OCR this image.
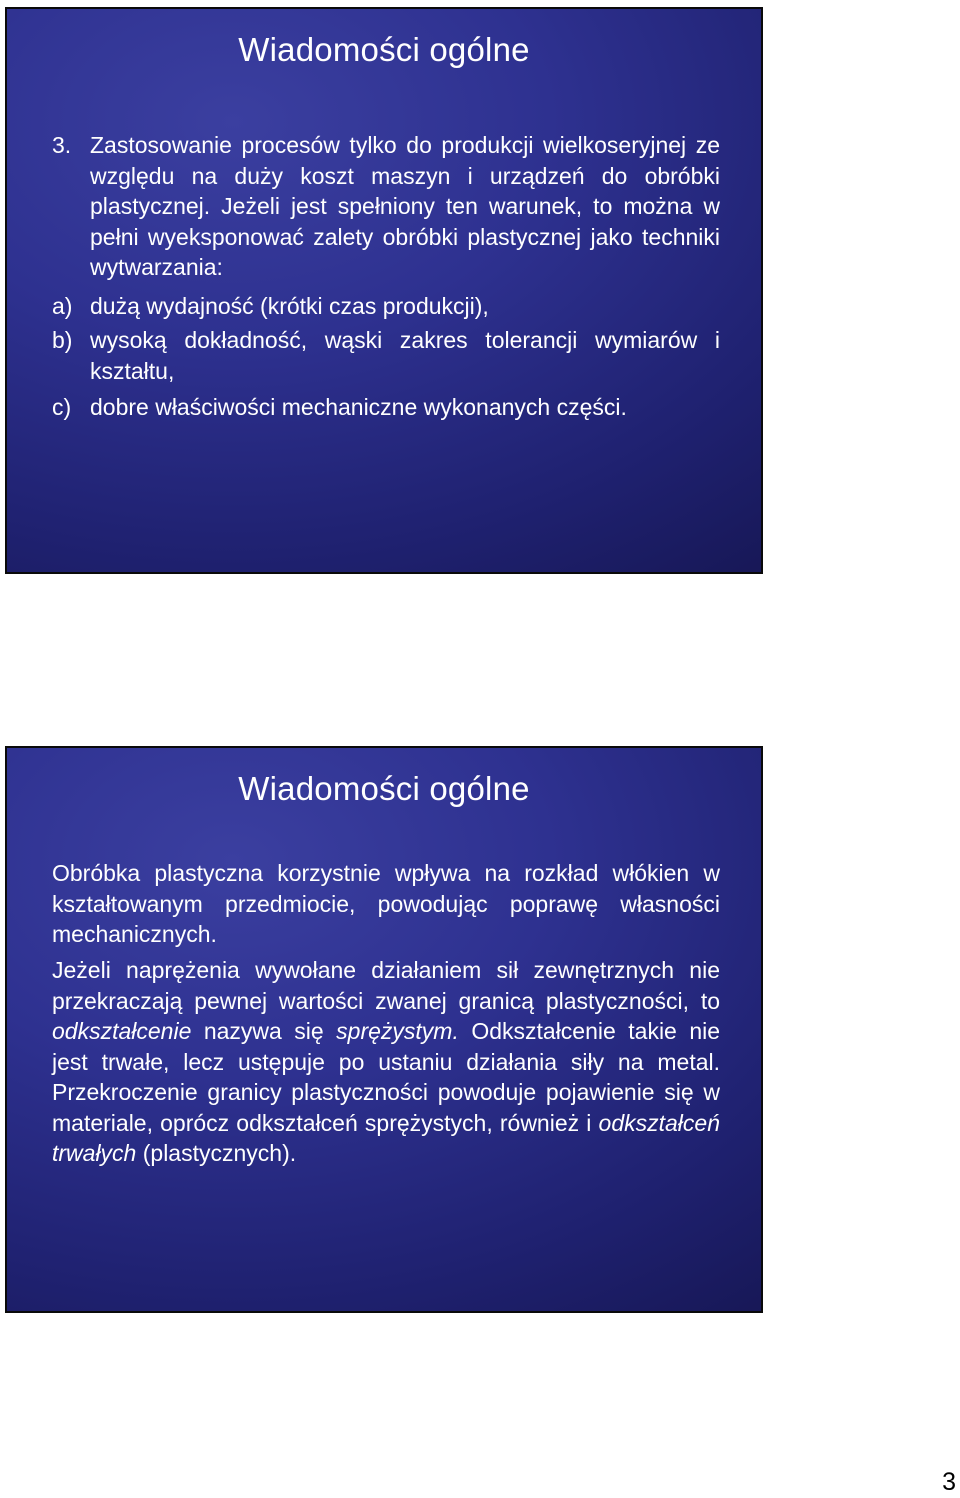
Wiadomości ogólne
3. Zastosowanie procesów tylko do produkcji wielkoseryjnej ze względu na duży koszt maszyn i urządzeń do obróbki plastycznej. Jeżeli jest spełniony ten warunek, to można w pełni wyeksponować zalety obróbki plastycznej jako techniki wytwarzania:
a) dużą wydajność (krótki czas produkcji),
b) wysoką dokładność, wąski zakres tolerancji wymiarów i kształtu,
c) dobre właściwości mechaniczne wykonanych części.
Wiadomości ogólne

Obróbka plastyczna korzystnie wpływa na rozkład włókien w kształtowanym przedmiocie, powodując poprawę własności mechanicznych.

Jeżeli naprężenia wywołane działaniem sił zewnętrznych nie przekraczają pewnej wartości zwanej granicą plastyczności, to odkształcenie nazywa się sprężystym. Odkształcenie takie nie jest trwałe, lecz ustępuje po ustaniu działania siły na metal. Przekroczenie granicy plastyczności powoduje pojawienie się w materiale, oprócz odkształceń sprężystych, również i odkształceń trwałych (plastycznych).

3
